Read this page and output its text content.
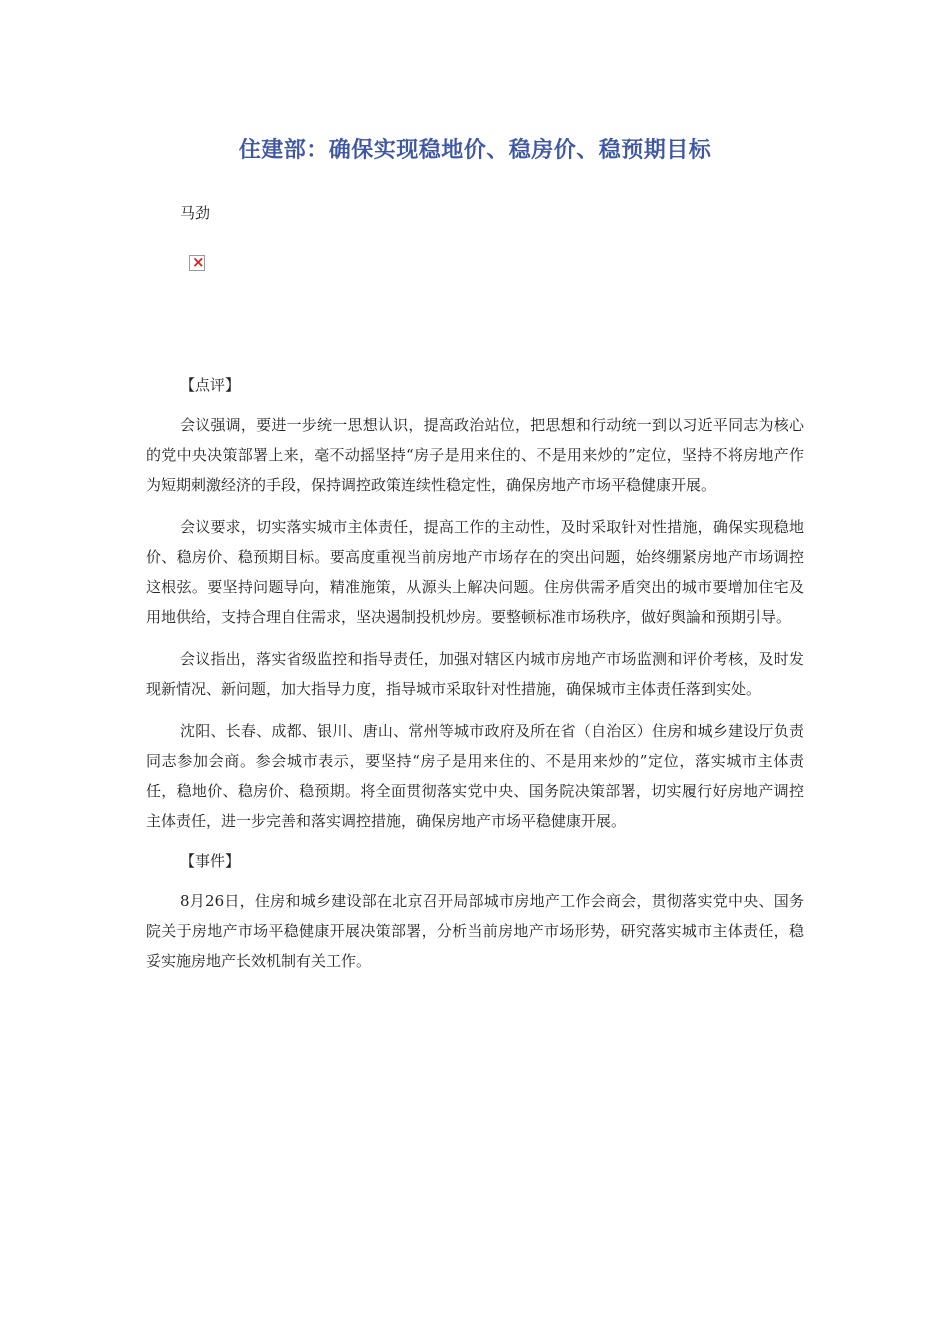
住建部：确保实现稳地价、稳房价、稳预期目标

马劲

×

【点评】

会议强调，要进一步统一思想认识，提高政治站位，把思想和行动统一到以习近平同志为核心的党中央决策部署上来，毫不动摇坚持“房子是用来住的、不是用来炒的”定位，坚持不将房地产作为短期刺激经济的手段，保持调控政策连续性稳定性，确保房地产市场平稳健康开展。

会议要求，切实落实城市主体责任，提高工作的主动性，及时采取针对性措施，确保实现稳地价、稳房价、稳预期目标。要高度重视当前房地产市场存在的突出问题，始终绷紧房地产市场调控这根弦。要坚持问题导向，精准施策，从源头上解决问题。住房供需矛盾突出的城市要增加住宅及用地供给，支持合理自住需求，坚决遏制投机炒房。要整顿标准市场秩序，做好舆論和预期引导。

会议指出，落实省级监控和指导责任，加强对辖区内城市房地产市场监测和评价考核，及时发现新情况、新问题，加大指导力度，指导城市采取针对性措施，确保城市主体责任落到实处。

沈阳、长春、成都、银川、唐山、常州等城市政府及所在省（自治区）住房和城乡建设厅负责同志参加会商。参会城市表示，要坚持“房子是用来住的、不是用来炒的”定位，落实城市主体责任，稳地价、稳房价、稳预期。将全面贯彻落实党中央、国务院决策部署，切实履行好房地产调控主体责任，进一步完善和落实调控措施，确保房地产市场平稳健康开展。

【事件】

8月26日，住房和城乡建设部在北京召开局部城市房地产工作会商会，贯彻落实党中央、国务院关于房地产市场平稳健康开展决策部署，分析当前房地产市场形势，研究落实城市主体责任，稳妥实施房地产长效机制有关工作。
